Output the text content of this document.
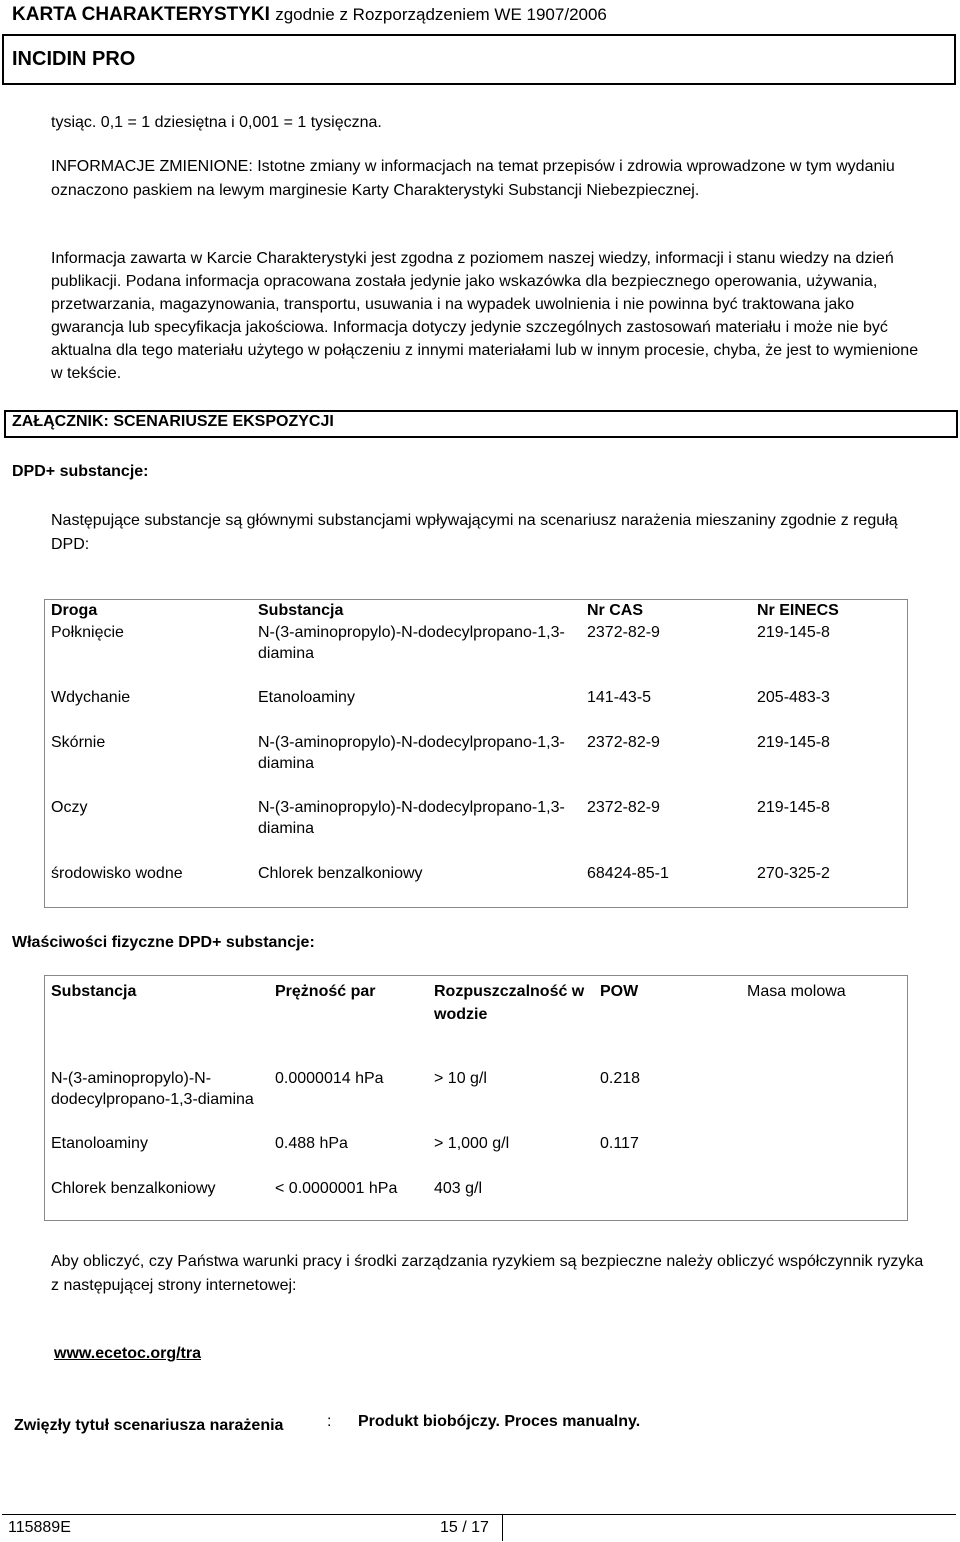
KARTA CHARAKTERYSTYKI zgodnie z Rozporządzeniem WE 1907/2006
INCIDIN PRO

tysiąc. 0,1 = 1 dziesiętna i 0,001 = 1 tysięczna.

INFORMACJE ZMIENIONE: Istotne zmiany w informacjach na temat przepisów i zdrowia wprowadzone w tym wydaniu oznaczono paskiem na lewym marginesie Karty Charakterystyki Substancji Niebezpiecznej.

Informacja zawarta w Karcie Charakterystyki jest zgodna z poziomem naszej wiedzy, informacji i stanu wiedzy na dzień publikacji. Podana informacja opracowana została jedynie jako wskazówka dla bezpiecznego operowania, używania, przetwarzania, magazynowania, transportu, usuwania i na wypadek uwolnienia i nie powinna być traktowana jako gwarancja lub specyfikacja jakościowa. Informacja dotyczy jedynie szczególnych zastosowań materiału i może nie być aktualna dla tego materiału użytego w połączeniu z innymi materiałami lub w innym procesie, chyba, że jest to wymienione w tekście.

ZAŁĄCZNIK: SCENARIUSZE EKSPOZYCJI
DPD+ substancje:

Następujące substancje są głównymi substancjami wpływającymi na scenariusz narażenia mieszaniny zgodnie z regułą DPD:

Droga	Substancja	Nr CAS	Nr EINECS
Połknięcie	N-(3-aminopropylo)-N-dodecylpropano-1,3-diamina	2372-82-9	219-145-8
Wdychanie	Etanoloaminy	141-43-5	205-483-3
Skórnie	N-(3-aminopropylo)-N-dodecylpropano-1,3-diamina	2372-82-9	219-145-8
Oczy	N-(3-aminopropylo)-N-dodecylpropano-1,3-diamina	2372-82-9	219-145-8
środowisko wodne	Chlorek benzalkoniowy	68424-85-1	270-325-2
Właściwości fizyczne DPD+ substancje:
Substancja	Prężność par	Rozpuszczalność w wodzie	POW	Masa molowa
N-(3-aminopropylo)-N-dodecylpropano-1,3-diamina	0.0000014 hPa	> 10 g/l	0.218	
Etanoloaminy	0.488 hPa	> 1,000 g/l	0.117	
Chlorek benzalkoniowy	< 0.0000001 hPa	403 g/l		

Aby obliczyć, czy Państwa warunki pracy i środki zarządzania ryzykiem są bezpieczne należy obliczyć współczynnik ryzyka z następującej strony internetowej:

www.ecetoc.org/tra
Zwięzły tytuł scenariusza narażenia	: Produkt biobójczy. Proces manualny.
115889E	15 / 17
